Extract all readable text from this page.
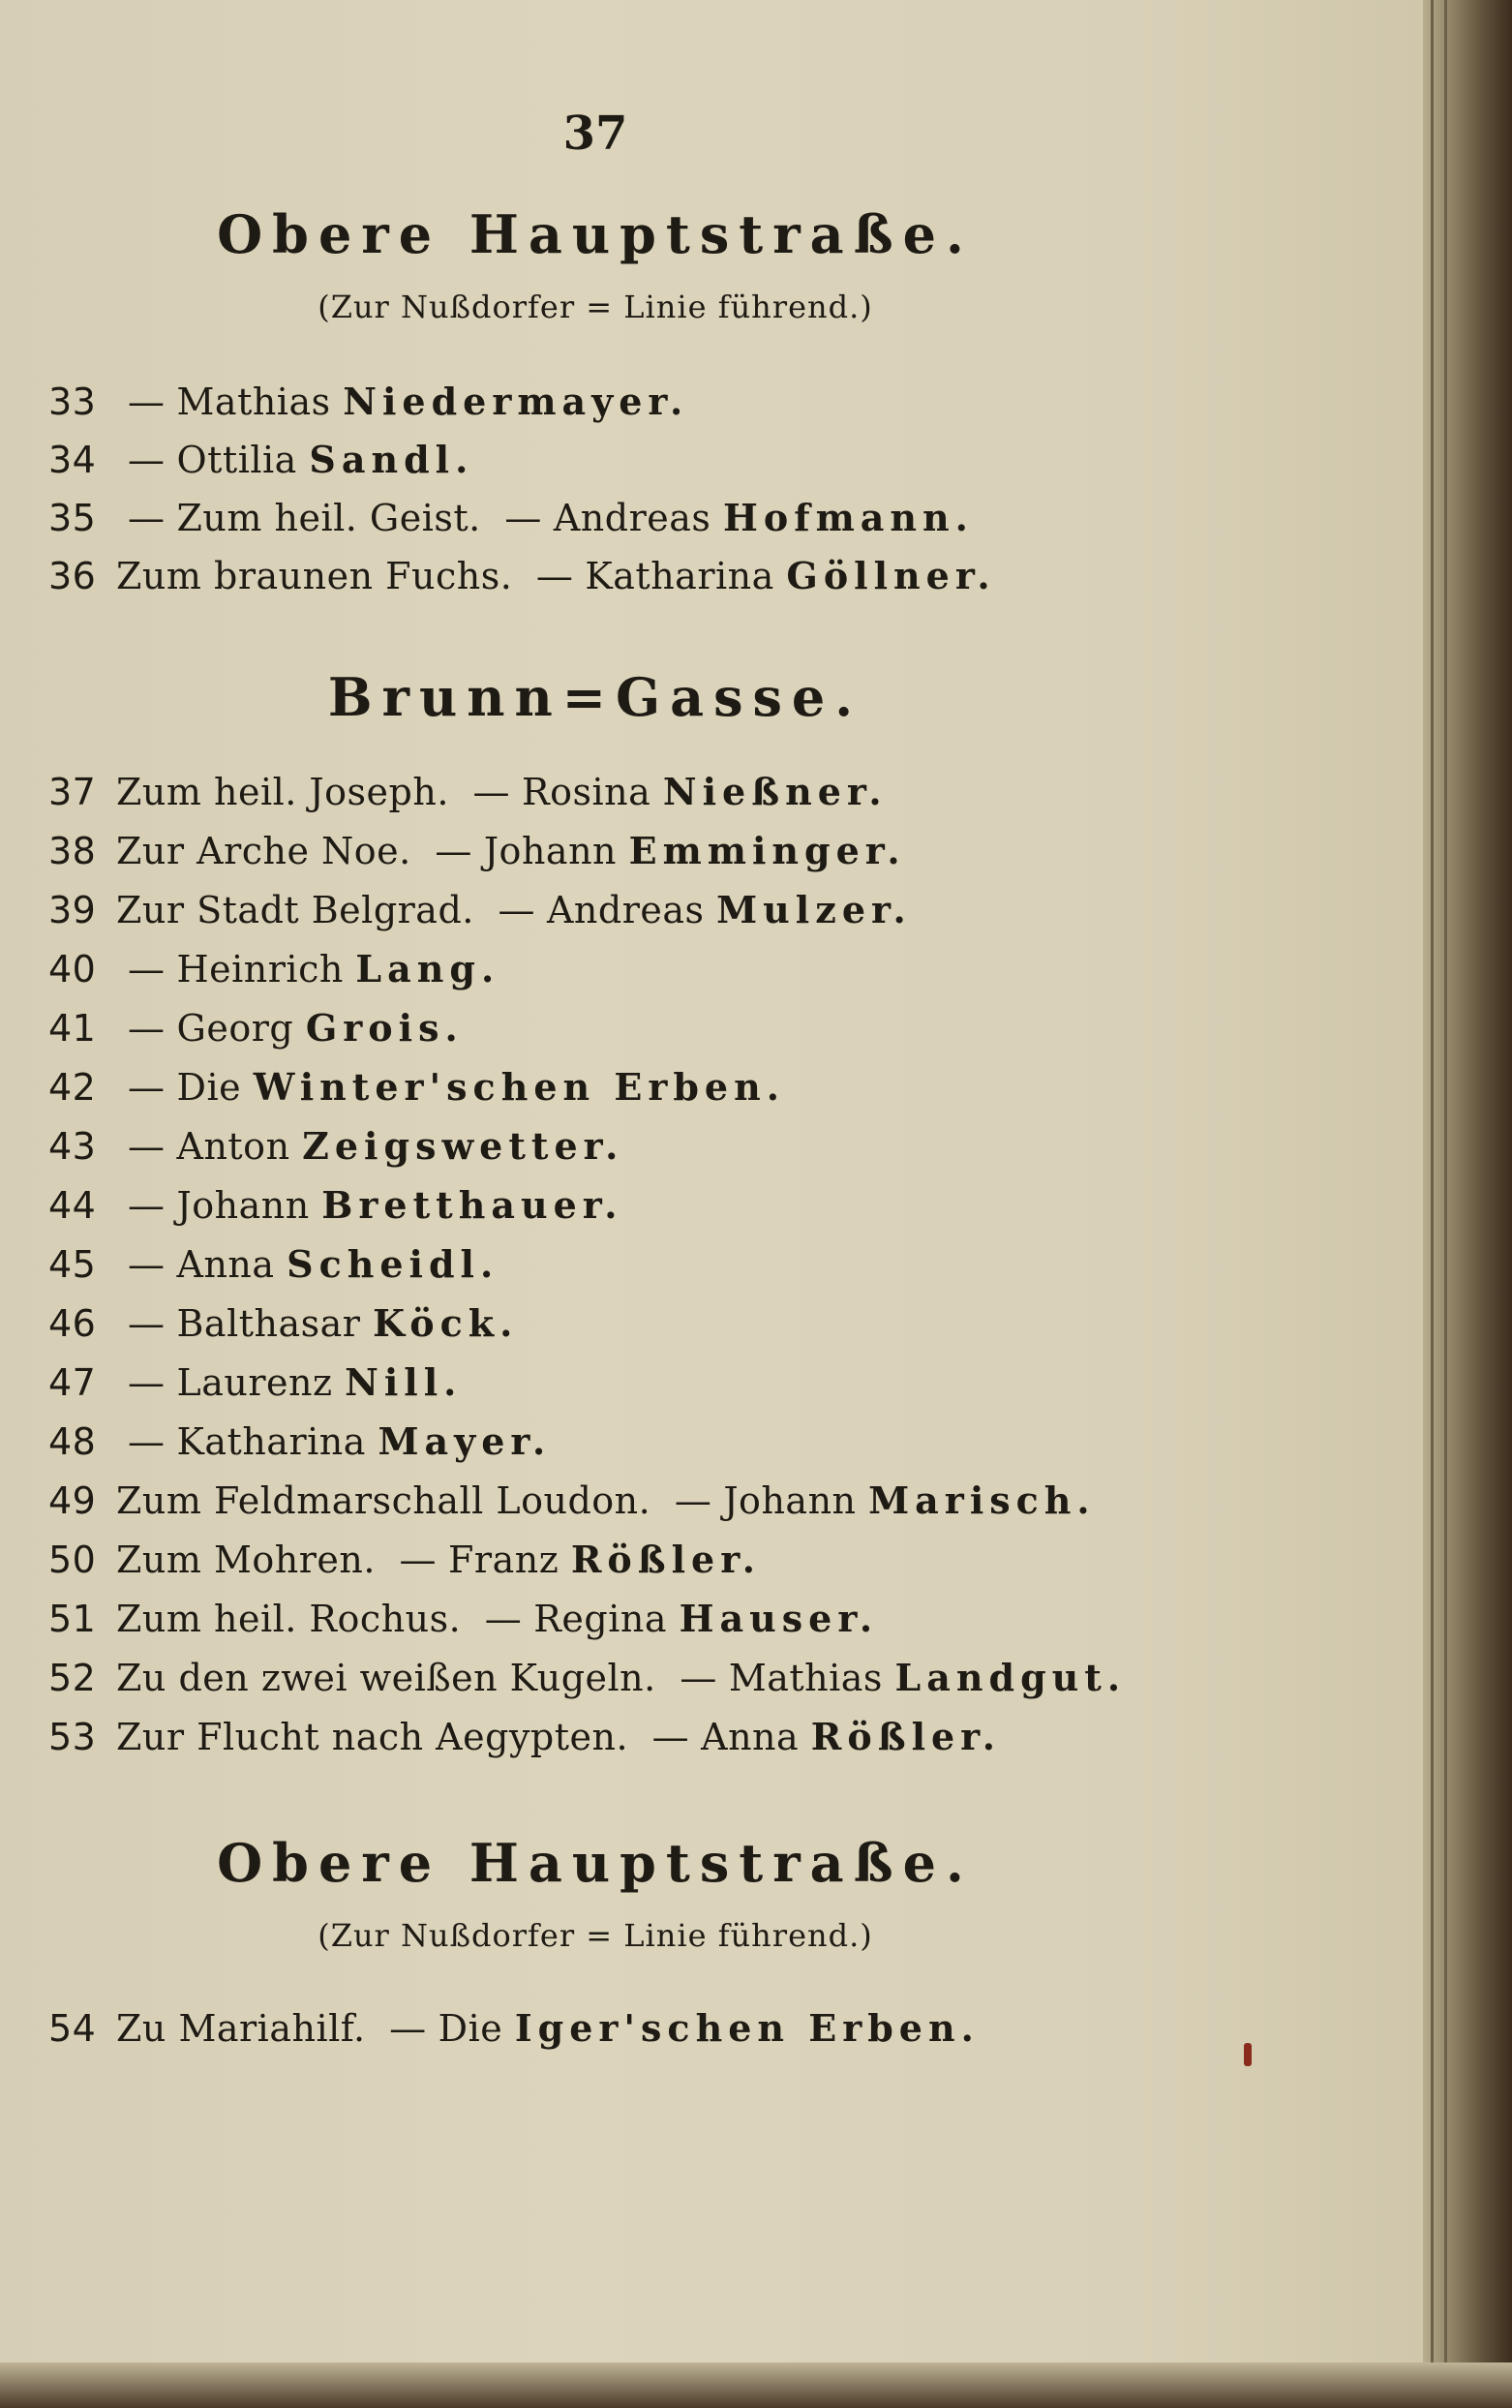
37
Obere Hauptstraße.
(Zur Nußdorfer = Linie führend.)
33 — Mathias Niedermayer.
34 — Ottilia Sandl.
35 — Zum heil. Geist. — Andreas Hofmann.
36 Zum braunen Fuchs. — Katharina Göllner.
Brunn=Gasse.
37 Zum heil. Joseph. — Rosina Nießner.
38 Zur Arche Noe. — Johann Emminger.
39 Zur Stadt Belgrad. — Andreas Mulzer.
40 — Heinrich Lang.
41 — Georg Grois.
42 — Die Winter'schen Erben.
43 — Anton Zeigswetter.
44 — Johann Bretthauer.
45 — Anna Scheidl.
46 — Balthasar Köck.
47 — Laurenz Nill.
48 — Katharina Mayer.
49 Zum Feldmarschall Loudon. — Johann Marisch.
50 Zum Mohren. — Franz Rößler.
51 Zum heil. Rochus. — Regina Hauser.
52 Zu den zwei weißen Kugeln. — Mathias Landgut.
53 Zur Flucht nach Aegypten. — Anna Rößler.
Obere Hauptstraße.
(Zur Nußdorfer = Linie führend.)
54 Zu Mariahilf. — Die Iger'schen Erben.
